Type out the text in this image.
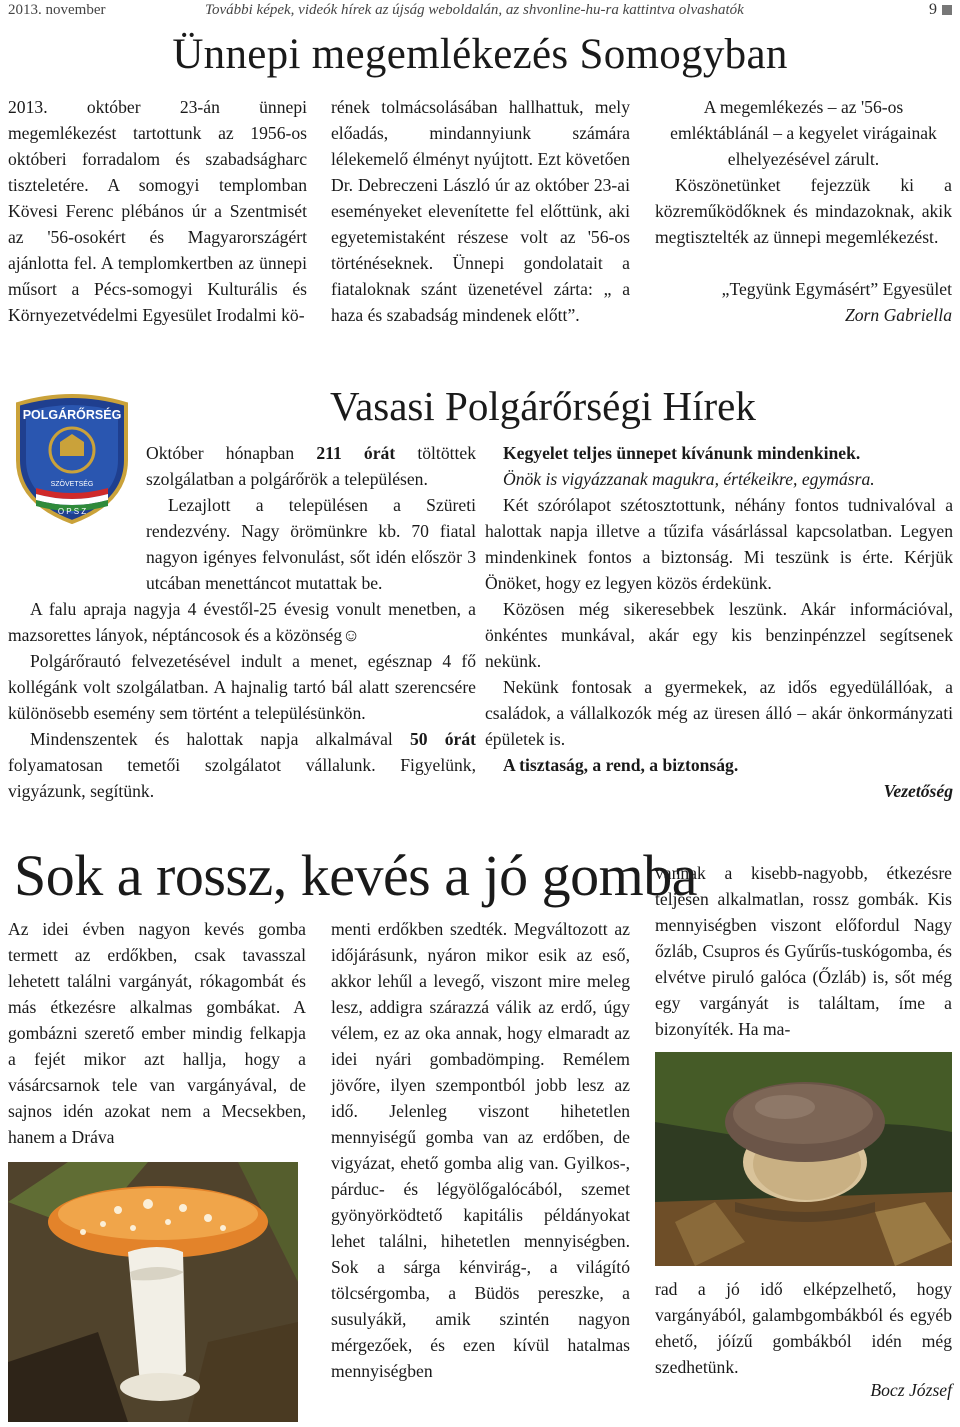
2013. november	További képek, videók hírek az újság weboldalán, az shvonline-hu-ra kattintva olvashatók	9
Ünnepi megemlékezés Somogyban
2013. október 23-án ünnepi megemlékezést tartottunk az 1956-os októberi forradalom és szabadságharc tiszteletére. A somogyi templomban Kövesi Ferenc plébános úr a Szentmisét az '56-osokért és Magyarországért ajánlotta fel. A templomkertben az ünnepi műsort a Pécs-somogyi Kulturális és Környezetvédelmi Egyesület Irodalmi kö-
rének tolmácsolásában hallhattuk, mely előadás, mindannyiunk számára lélekemelő élményt nyújtott. Ezt követően Dr. Debreczeni László úr az október 23-ai eseményeket elevenítette fel előttünk, aki egyetemistaként részese volt az '56-os történéseknek. Ünnepi gondolatait a fiataloknak szánt üzenetével zárta: „ a haza és szabadság mindenek előtt”.

A megemlékezés – az '56-os emléktáblánál – a kegyelet virágainak elhelyezésével zárult.

Köszönetünket fejezzük ki a közreműködőknek és mindazoknak, akik megtisztelték az ünnepi megemlékezést.

„Tegyünk Egymásért” Egyesület

Zorn Gabriella

Vasasi Polgárőrségi Hírek
POLGÁRŐRSÉG
SZÖVETSÉG
O P S Z

Október hónapban 211 órát töltöttek szolgálatban a polgárőrök a településen.

Lezajlott a településen a Szüreti rendezvény. Nagy örömünkre kb. 70 fiatal nagyon igényes felvonulást, sőt idén először 3 utcában menettáncot mutattak be.

A falu apraja nagyja 4 évestől-25 évesig vonult menetben, a mazsorettes lányok, néptáncosok és a közönség☺

Polgárőrautó felvezetésével indult a menet, egésznap 4 fő kollégánk volt szolgálatban. A hajnalig tartó bál alatt szerencsére különösebb esemény sem történt a településünkön.

Mindenszentek és halottak napja alkalmával 50 órát folyamatosan temetői szolgálatot vállalunk. Figyelünk, vigyázunk, segítünk.

Kegyelet teljes ünnepet kívánunk mindenkinek.

Önök is vigyázzanak magukra, értékeikre, egymásra.

Két szórólapot szétosztottunk, néhány fontos tudnivalóval a halottak napja illetve a tűzifa vásárlással kapcsolatban. Legyen mindenkinek fontos a biztonság. Mi teszünk is érte. Kérjük Önöket, hogy ez legyen közös érdekünk.

Közösen még sikeresebbek leszünk. Akár információval, önkéntes munkával, akár egy kis benzinpénzzel segítsenek nekünk.

Nekünk fontosak a gyermekek, az idős egyedülállóak, a családok, a vállalkozók még az üresen álló – akár önkormányzati épületek is.

A tisztaság, a rend, a biztonság.

Vezetőség

Sok a rossz, kevés a jó gomba
Az idei évben nagyon kevés gomba termett az erdőkben, csak tavasszal lehetett találni vargányát, rókagombát és más étkezésre alkalmas gombákat. A gombázni szerető ember mindig felkapja a fejét mikor azt hallja, hogy a vásárcsarnok tele van vargányával, de sajnos idén azokat nem a Mecsekben, hanem a Dráva
menti erdőkben szedték. Megváltozott az időjárásunk, nyáron mikor esik az eső, akkor lehűl a levegő, viszont mire meleg lesz, addigra szárazzá válik az erdő, úgy vélem, ez az oka annak, hogy elmaradt az idei nyári gombadömping. Remélem jövőre, ilyen szempontból jobb lesz az idő. Jelenleg viszont hihetetlen mennyiségű gomba van az erdőben, de vigyázat, ehető gomba alig van. Gyilkos-, párduc- és légyölőgalócából, szemet gyönyörködtető kapitális példányokat lehet találni, hihetetlen mennyiségben. Sok a sárga kénvirág-, a világító tölcsérgomba, a Büdös pereszke, a susulyákй, amik szintén nagyon mérgezőek, és ezen kívül hatalmas mennyiségben
vannak a kisebb-nagyobb, étkezésre teljesen alkalmatlan, rossz gombák. Kis mennyiségben viszont előfordul Nagy őzláb, Csupros és Gyűrűs-tuskógomba, és elvétve piruló galóca (Őzláb) is, sőt még egy vargányát is találtam, íme a bizonyíték. Ha ma-
rad a jó idő elképzelhető, hogy vargányából, galambgombákból és egyéb ehető, jóízű gombákból idén még szedhetünk.
Bocz József
